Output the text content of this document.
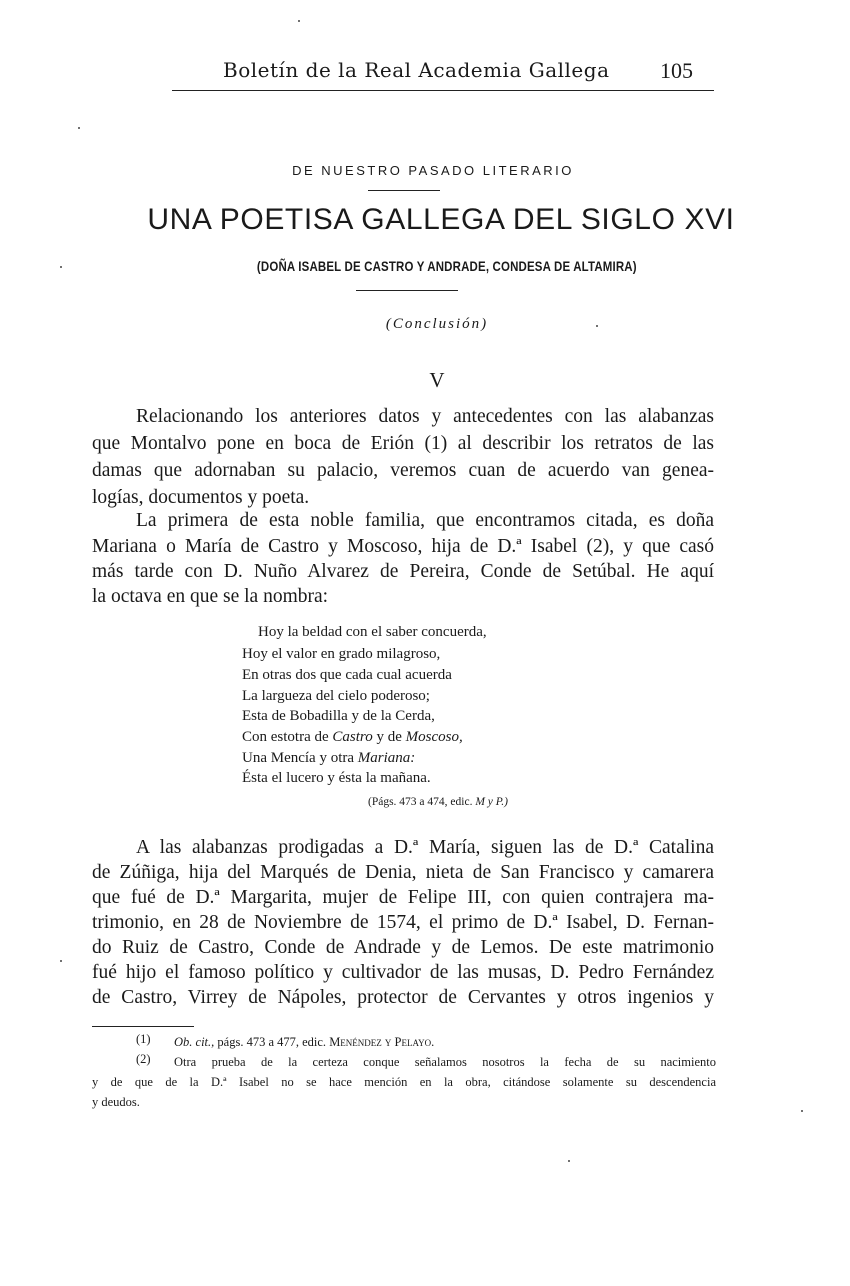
Boletín de la Real Academia Gallega 105
DE NUESTRO PASADO LITERARIO
UNA POETISA GALLEGA DEL SIGLO XVI
(DOÑA ISABEL DE CASTRO Y ANDRADE, CONDESA DE ALTAMIRA)
(Conclusión)
V
Relacionando los anteriores datos y antecedentes con las alabanzas
que Montalvo pone en boca de Erión (1) al describir los retratos de las
damas que adornaban su palacio, veremos cuan de acuerdo van genea-
logías, documentos y poeta.
La primera de esta noble familia, que encontramos citada, es doña
Mariana o María de Castro y Moscoso, hija de D.ª Isabel (2), y que casó
más tarde con D. Nuño Alvarez de Pereira, Conde de Setúbal. He aquí
la octava en que se la nombra:
Hoy la beldad con el saber concuerda,
Hoy el valor en grado milagroso,
En otras dos que cada cual acuerda
La largueza del cielo poderoso;
Esta de Bobadilla y de la Cerda,
Con estotra de Castro y de Moscoso,
Una Mencía y otra Mariana:
Ésta el lucero y ésta la mañana.
(Págs. 473 a 474, edic. M y P.)
A las alabanzas prodigadas a D.ª María, siguen las de D.ª Catalina
de Zúñiga, hija del Marqués de Denia, nieta de San Francisco y camarera
que fué de D.ª Margarita, mujer de Felipe III, con quien contrajera ma-
trimonio, en 28 de Noviembre de 1574, el primo de D.ª Isabel, D. Fernan-
do Ruiz de Castro, Conde de Andrade y de Lemos. De este matrimonio
fué hijo el famoso político y cultivador de las musas, D. Pedro Fernández
de Castro, Virrey de Nápoles, protector de Cervantes y otros ingenios y
(1) Ob. cit., págs. 473 a 477, edic. Menéndez y Pelayo.
(2) Otra prueba de la certeza conque señalamos nosotros la fecha de su nacimiento
y de que de la D.ª Isabel no se hace mención en la obra, citándose solamente su descendencia
y deudos.
